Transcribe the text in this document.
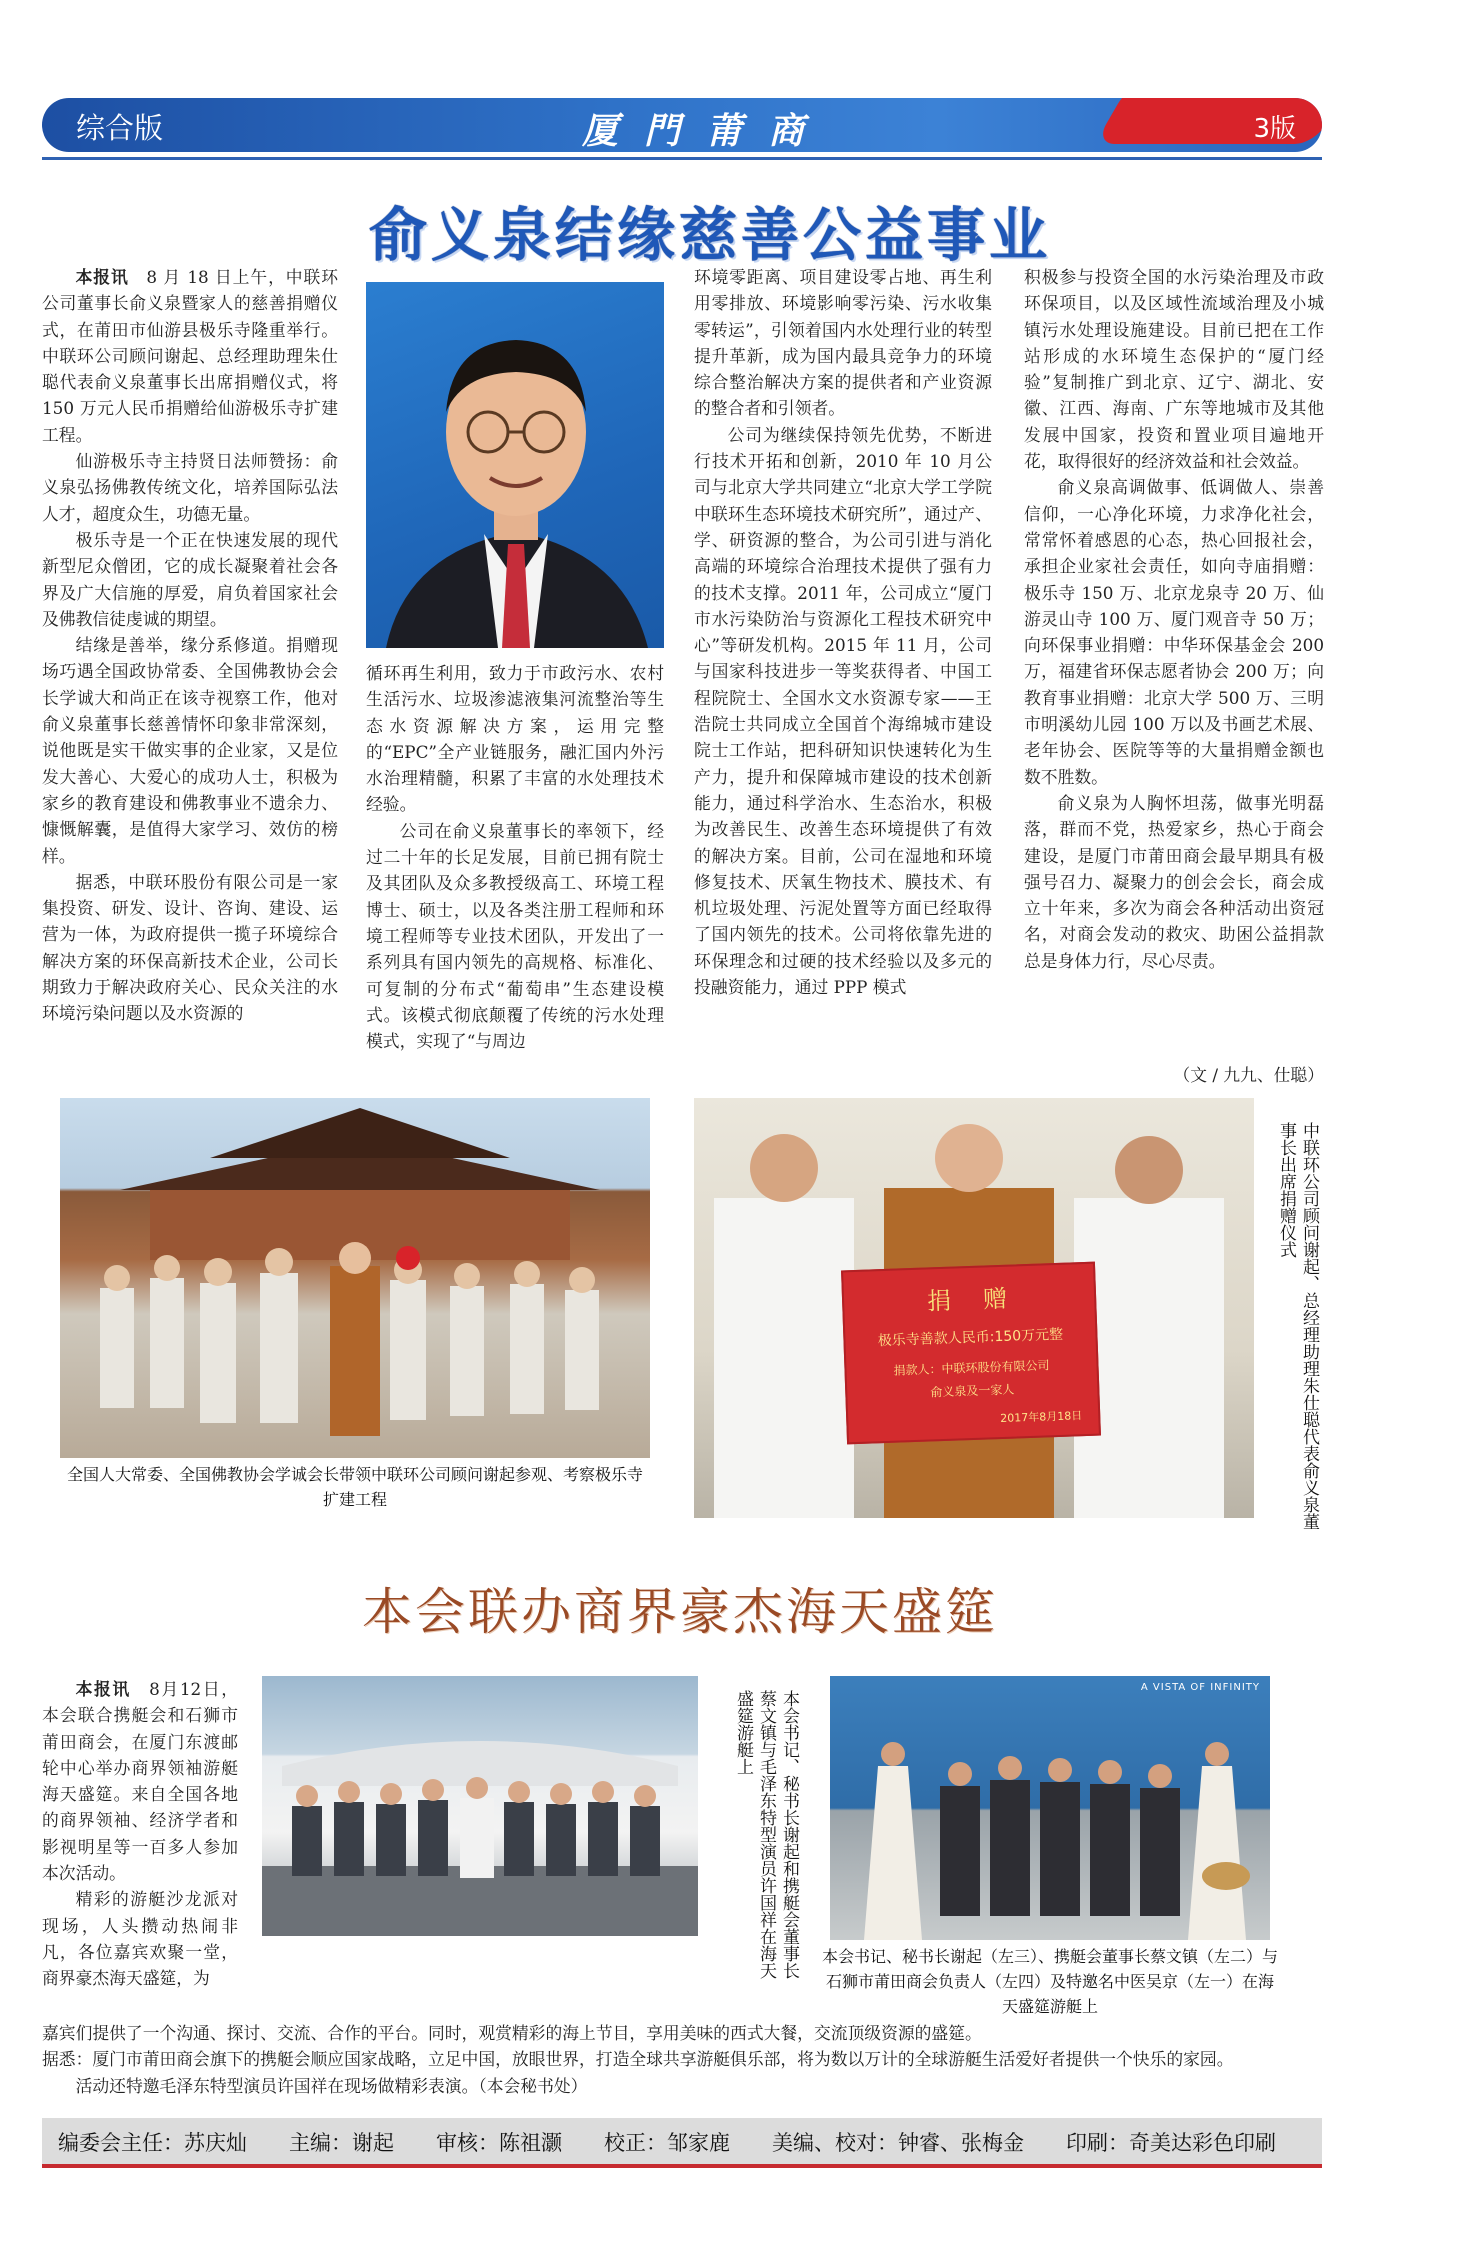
综合版	厦門莆商	3版
俞义泉结缘慈善公益事业

本报讯　8 月 18 日上午，中联环公司董事长俞义泉暨家人的慈善捐赠仪式，在莆田市仙游县极乐寺隆重举行。中联环公司顾问谢起、总经理助理朱仕聪代表俞义泉董事长出席捐赠仪式，将 150 万元人民币捐赠给仙游极乐寺扩建工程。

仙游极乐寺主持贤日法师赞扬：俞义泉弘扬佛教传统文化，培养国际弘法人才，超度众生，功德无量。

极乐寺是一个正在快速发展的现代新型尼众僧团，它的成长凝聚着社会各界及广大信施的厚爱，肩负着国家社会及佛教信徒虔诚的期望。

结缘是善举，缘分系修道。捐赠现场巧遇全国政协常委、全国佛教协会会长学诚大和尚正在该寺视察工作，他对俞义泉董事长慈善情怀印象非常深刻，说他既是实干做实事的企业家，又是位发大善心、大爱心的成功人士，积极为家乡的教育建设和佛教事业不遗余力、慷慨解囊，是值得大家学习、效仿的榜样。

据悉，中联环股份有限公司是一家集投资、研发、设计、咨询、建设、运营为一体，为政府提供一揽子环境综合解决方案的环保高新技术企业，公司长期致力于解决政府关心、民众关注的水环境污染问题以及水资源的

循环再生利用，致力于市政污水、农村生活污水、垃圾渗滤液集河流整治等生态水资源解决方案，运用完整的“EPC”全产业链服务，融汇国内外污水治理精髓，积累了丰富的水处理技术经验。

公司在俞义泉董事长的率领下，经过二十年的长足发展，目前已拥有院士及其团队及众多教授级高工、环境工程博士、硕士，以及各类注册工程师和环境工程师等专业技术团队，开发出了一系列具有国内领先的高规格、标准化、可复制的分布式“葡萄串”生态建设模式。该模式彻底颠覆了传统的污水处理模式，实现了“与周边

环境零距离、项目建设零占地、再生利用零排放、环境影响零污染、污水收集零转运”，引领着国内水处理行业的转型提升革新，成为国内最具竞争力的环境综合整治解决方案的提供者和产业资源的整合者和引领者。

公司为继续保持领先优势，不断进行技术开拓和创新，2010 年 10 月公司与北京大学共同建立“北京大学工学院中联环生态环境技术研究所”，通过产、学、研资源的整合，为公司引进与消化高端的环境综合治理技术提供了强有力的技术支撑。2011 年，公司成立“厦门市水污染防治与资源化工程技术研究中心”等研发机构。2015 年 11 月，公司与国家科技进步一等奖获得者、中国工程院院士、全国水文水资源专家——王浩院士共同成立全国首个海绵城市建设院士工作站，把科研知识快速转化为生产力，提升和保障城市建设的技术创新能力，通过科学治水、生态治水，积极为改善民生、改善生态环境提供了有效的解决方案。目前，公司在湿地和环境修复技术、厌氧生物技术、膜技术、有机垃圾处理、污泥处置等方面已经取得了国内领先的技术。公司将依靠先进的环保理念和过硬的技术经验以及多元的投融资能力，通过 PPP 模式

积极参与投资全国的水污染治理及市政环保项目，以及区域性流域治理及小城镇污水处理设施建设。目前已把在工作站形成的水环境生态保护的“厦门经验”复制推广到北京、辽宁、湖北、安徽、江西、海南、广东等地城市及其他发展中国家，投资和置业项目遍地开花，取得很好的经济效益和社会效益。

俞义泉高调做事、低调做人、崇善信仰，一心净化环境，力求净化社会，常常怀着感恩的心态，热心回报社会，承担企业家社会责任，如向寺庙捐赠：极乐寺 150 万、北京龙泉寺 20 万、仙游灵山寺 100 万、厦门观音寺 50 万；向环保事业捐赠：中华环保基金会 200 万，福建省环保志愿者协会 200 万；向教育事业捐赠：北京大学 500 万、三明市明溪幼儿园 100 万以及书画艺术展、老年协会、医院等等的大量捐赠金额也数不胜数。

俞义泉为人胸怀坦荡，做事光明磊落，群而不党，热爱家乡，热心于商会建设，是厦门市莆田商会最早期具有极强号召力、凝聚力的创会会长，商会成立十年来，多次为商会各种活动出资冠名，对商会发动的救灾、助困公益捐款总是身体力行，尽心尽责。

（文 / 九九、仕聪）
全国人大常委、全国佛教协会学诚会长带领中联环公司顾问谢起参观、考察极乐寺扩建工程
捐　赠
极乐寺善款人民币:150万元整
捐款人：中联环股份有限公司
俞义泉及一家人
2017年8月18日	中联环公司顾问谢起、总经理助理朱仕聪代表俞义泉董事长出席捐赠仪式
本会联办商界豪杰海天盛筵

本报讯　8月12日，本会联合携艇会和石狮市莆田商会，在厦门东渡邮轮中心举办商界领袖游艇海天盛筵。来自全国各地的商界领袖、经济学者和影视明星等一百多人参加本次活动。

精彩的游艇沙龙派对现场，人头攒动热闹非凡，各位嘉宾欢聚一堂，商界豪杰海天盛筵，为	本会书记、秘书长谢起和携艇会董事长蔡文镇与毛泽东特型演员许国祥在海天盛筵游艇上
A VISTA OF INFINITY
本会书记、秘书长谢起（左三）、携艇会董事长蔡文镇（左二）与石狮市莆田商会负责人（左四）及特邀名中医吴京（左一）在海天盛筵游艇上
嘉宾们提供了一个沟通、探讨、交流、合作的平台。同时，观赏精彩的海上节目，享用美味的西式大餐，交流顶级资源的盛筵。
据悉：厦门市莆田商会旗下的携艇会顺应国家战略，立足中国，放眼世界，打造全球共享游艇俱乐部，将为数以万计的全球游艇生活爱好者提供一个快乐的家园。
活动还特邀毛泽东特型演员许国祥在现场做精彩表演。（本会秘书处）
编委会主任：苏庆灿　　主编：谢起　　审核：陈祖灏　　校正：邹家鹿　　美编、校对：钟睿、张梅金　　印刷：奇美达彩色印刷
